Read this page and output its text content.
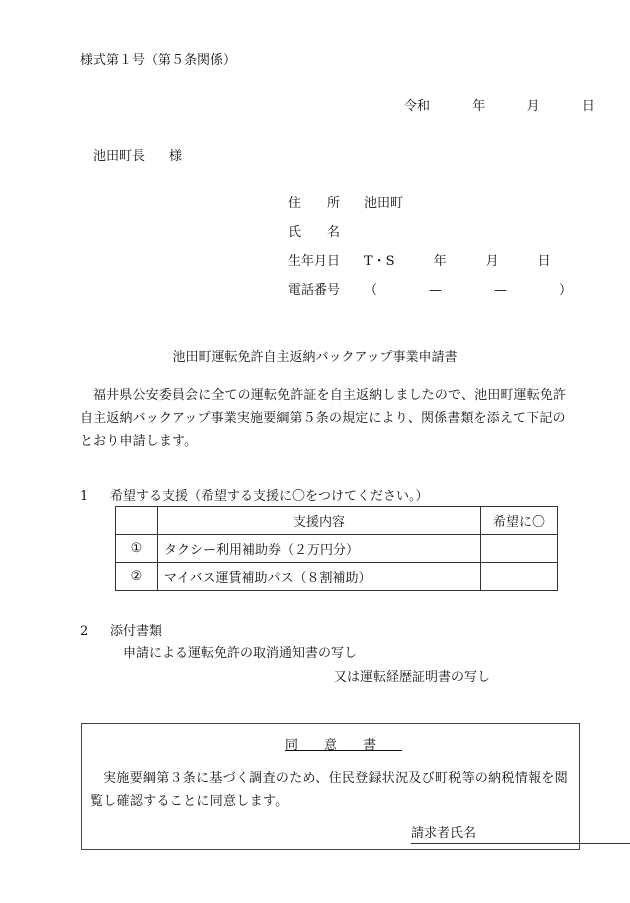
様式第１号（第５条関係）
令和	年	月	日
池田町長 様
住　　所 池田町
氏　　名
生年月日 T・S　　　年　　　月　　　日
電話番号 （　　　　—　　　　—　　　　）
池田町運転免許自主返納バックアップ事業申請書
福井県公安委員会に全ての運転免許証を自主返納しましたので、池田町運転免許自主返納バックアップ事業実施要綱第５条の規定により、関係書類を添えて下記のとおり申請します。
1 希望する支援（希望する支援に〇をつけてください。）
	支援内容	希望に〇
①	タクシー利用補助券（２万円分）	
②	マイバス運賃補助パス（８割補助）	
2 添付書類
申請による運転免許の取消通知書の写し
又は運転経歴証明書の写し
同意書
実施要綱第３条に基づく調査のため、住民登録状況及び町税等の納税情報を閲覧し確認することに同意します。
請求者氏名
